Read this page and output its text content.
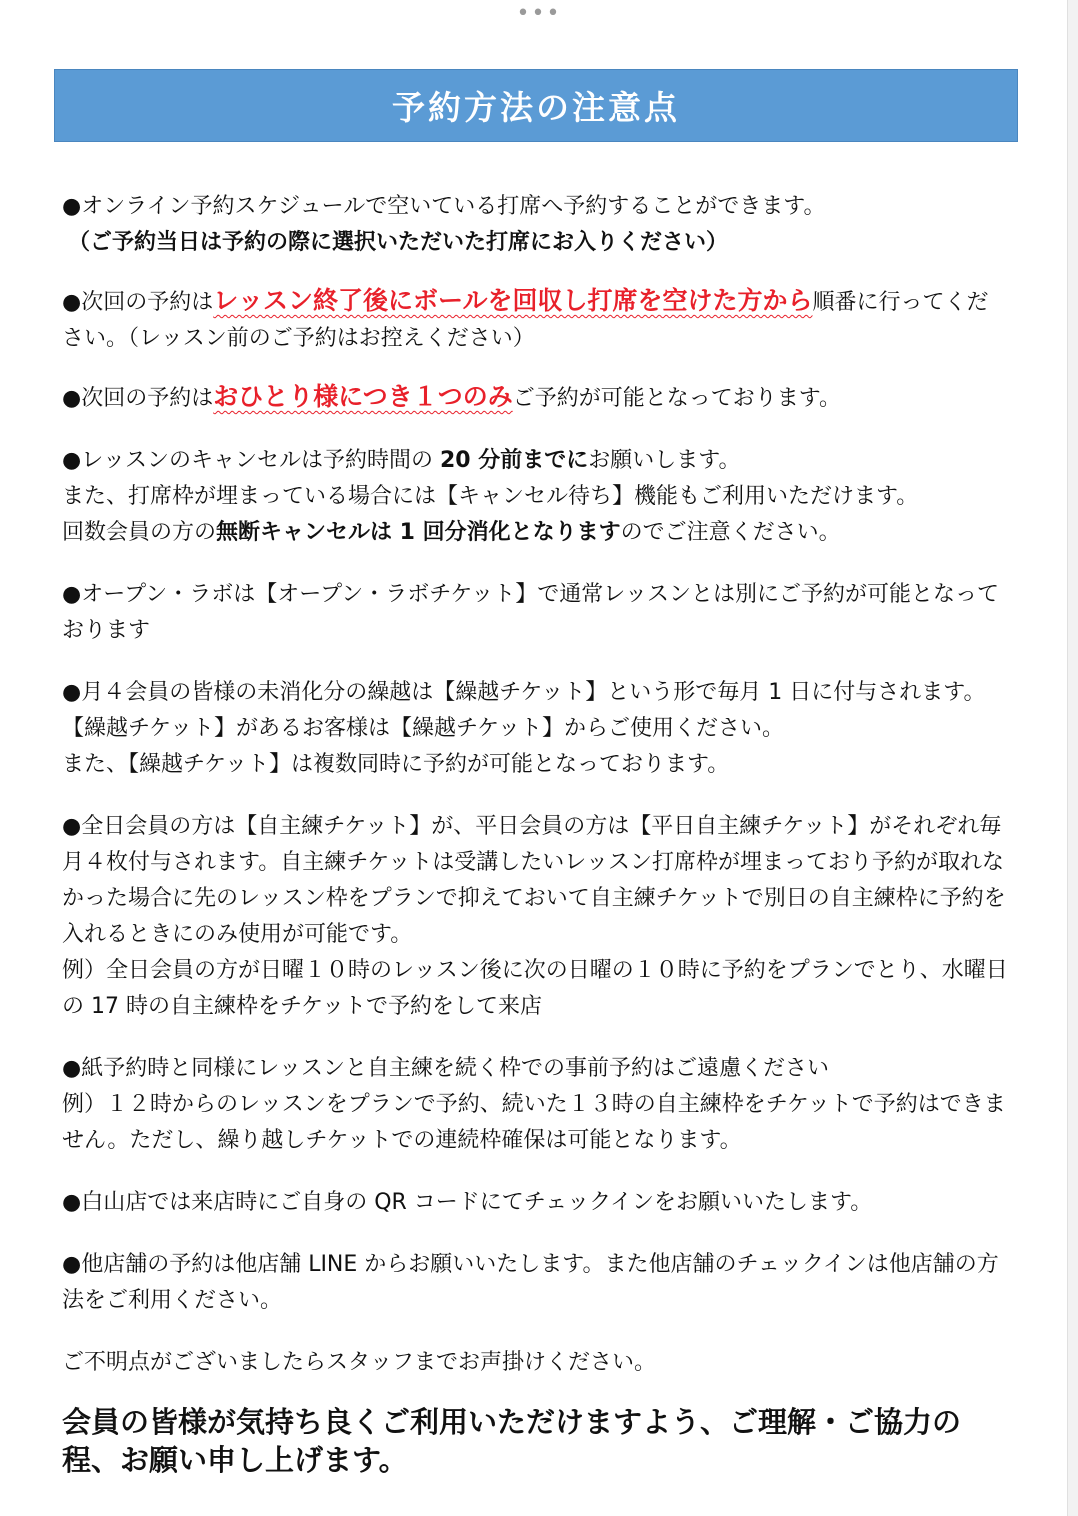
•••
予約方法の注意点

●オンライン予約スケジュールで空いている打席へ予約することができます。
（ご予約当日は予約の際に選択いただいた打席にお入りください）

●次回の予約はレッスン終了後にボールを回収し打席を空けた方から順番に行ってください。（レッスン前のご予約はお控えください）

●次回の予約はおひとり様につき１つのみご予約が可能となっております。

●レッスンのキャンセルは予約時間の 20 分前までにお願いします。
また、打席枠が埋まっている場合には【キャンセル待ち】機能もご利用いただけます。
回数会員の方の無断キャンセルは 1 回分消化となりますのでご注意ください。

●オープン・ラボは【オープン・ラボチケット】で通常レッスンとは別にご予約が可能となっております

●月４会員の皆様の未消化分の繰越は【繰越チケット】という形で毎月 1 日に付与されます。
【繰越チケット】があるお客様は【繰越チケット】からご使用ください。
また、【繰越チケット】は複数同時に予約が可能となっております。

●全日会員の方は【自主練チケット】が、平日会員の方は【平日自主練チケット】がそれぞれ毎月４枚付与されます。自主練チケットは受講したいレッスン打席枠が埋まっており予約が取れなかった場合に先のレッスン枠をプランで抑えておいて自主練チケットで別日の自主練枠に予約を入れるときにのみ使用が可能です。
例）全日会員の方が日曜１０時のレッスン後に次の日曜の１０時に予約をプランでとり、水曜日の 17 時の自主練枠をチケットで予約をして来店

●紙予約時と同様にレッスンと自主練を続く枠での事前予約はご遠慮ください
例）１２時からのレッスンをプランで予約、続いた１３時の自主練枠をチケットで予約はできません。ただし、繰り越しチケットでの連続枠確保は可能となります。

●白山店では来店時にご自身の QR コードにてチェックインをお願いいたします。

●他店舗の予約は他店舗 LINE からお願いいたします。また他店舗のチェックインは他店舗の方法をご利用ください。

ご不明点がございましたらスタッフまでお声掛けください。

会員の皆様が気持ち良くご利用いただけますよう、ご理解・ご協力の程、お願い申し上げます。
